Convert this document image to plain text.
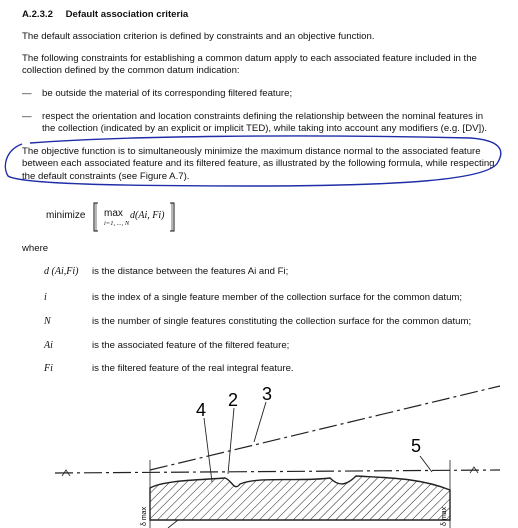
A.2.3.2 Default association criteria
The default association criterion is defined by constraints and an objective function.
The following constraints for establishing a common datum apply to each associated feature included in the collection defined by the common datum indication:
— be outside the material of its corresponding filtered feature;
— respect the orientation and location constraints defining the relationship between the nominal features in the collection (indicated by an explicit or implicit TED), while taking into account any modifiers (e.g. [DV]).
The objective function is to simultaneously minimize the maximum distance normal to the associated feature between each associated feature and its filtered feature, as illustrated by the following formula, while respecting the default constraints (see Figure A.7).
minimize max
i=1, ..., N
d(Ai, Fi)
where
d (Ai,Fi) is the distance between the features Ai and Fi;
i	is the index of a single feature member of the collection surface for the common datum;
N	is the number of single features constituting the collection surface for the common datum;
Ai	is the associated feature of the filtered feature;
Fi	is the filtered feature of the real integral feature.
4 2 3
5
δ max	δ max
